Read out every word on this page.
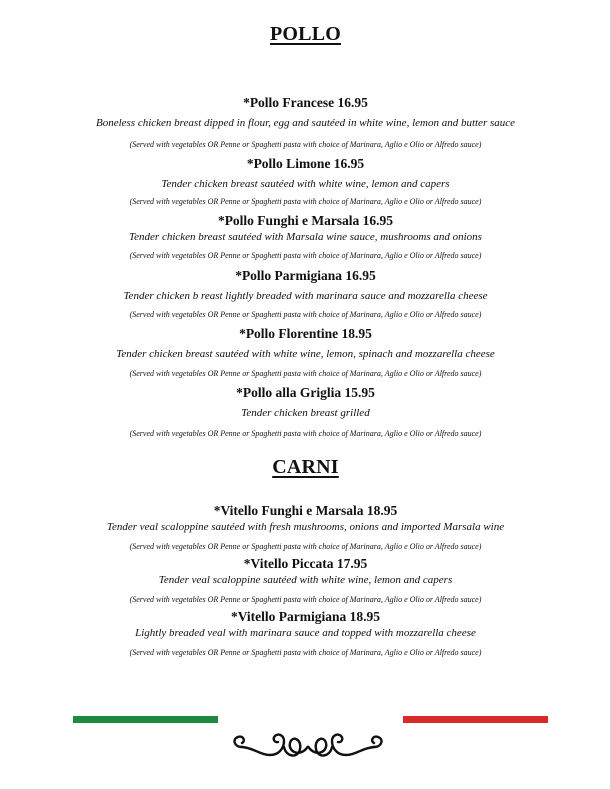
POLLO
*Pollo Francese 16.95
Boneless chicken breast dipped in flour, egg and sautéed in white wine, lemon and butter sauce
(Served with vegetables OR Penne or Spaghetti pasta with choice of Marinara, Aglio e Olio or Alfredo sauce)
*Pollo Limone 16.95
Tender chicken breast sautéed with white wine, lemon and capers
(Served with vegetables OR Penne or Spaghetti pasta with choice of Marinara, Aglio e Olio or Alfredo sauce)
*Pollo Funghi e Marsala 16.95
Tender chicken breast sautéed with Marsala wine sauce, mushrooms and onions
(Served with vegetables OR Penne or Spaghetti pasta with choice of Marinara, Aglio e Olio or Alfredo sauce)
*Pollo Parmigiana 16.95
Tender chicken b reast lightly breaded with marinara sauce and mozzarella cheese
(Served with vegetables OR Penne or Spaghetti pasta with choice of Marinara, Aglio e Olio or Alfredo sauce)
*Pollo Florentine 18.95
Tender chicken breast sautéed with white wine, lemon, spinach and mozzarella cheese
(Served with vegetables OR Penne or Spaghetti pasta with choice of Marinara, Aglio e Olio or Alfredo sauce)
*Pollo alla Griglia 15.95
Tender chicken breast grilled
(Served with vegetables OR Penne or Spaghetti pasta with choice of Marinara, Aglio e Olio or Alfredo sauce)
CARNI
*Vitello Funghi e Marsala 18.95
Tender veal scaloppine sautéed with fresh mushrooms, onions and imported Marsala wine
(Served with vegetables OR Penne or Spaghetti pasta with choice of Marinara, Aglio e Olio or Alfredo sauce)
*Vitello Piccata 17.95
Tender veal scaloppine sautéed with white wine, lemon and capers
(Served with vegetables OR Penne or Spaghetti pasta with choice of Marinara, Aglio e Olio or Alfredo sauce)
*Vitello Parmigiana 18.95
Lightly breaded veal with marinara sauce and topped with mozzarella cheese
(Served with vegetables OR Penne or Spaghetti pasta with choice of Marinara, Aglio e Olio or Alfredo sauce)
